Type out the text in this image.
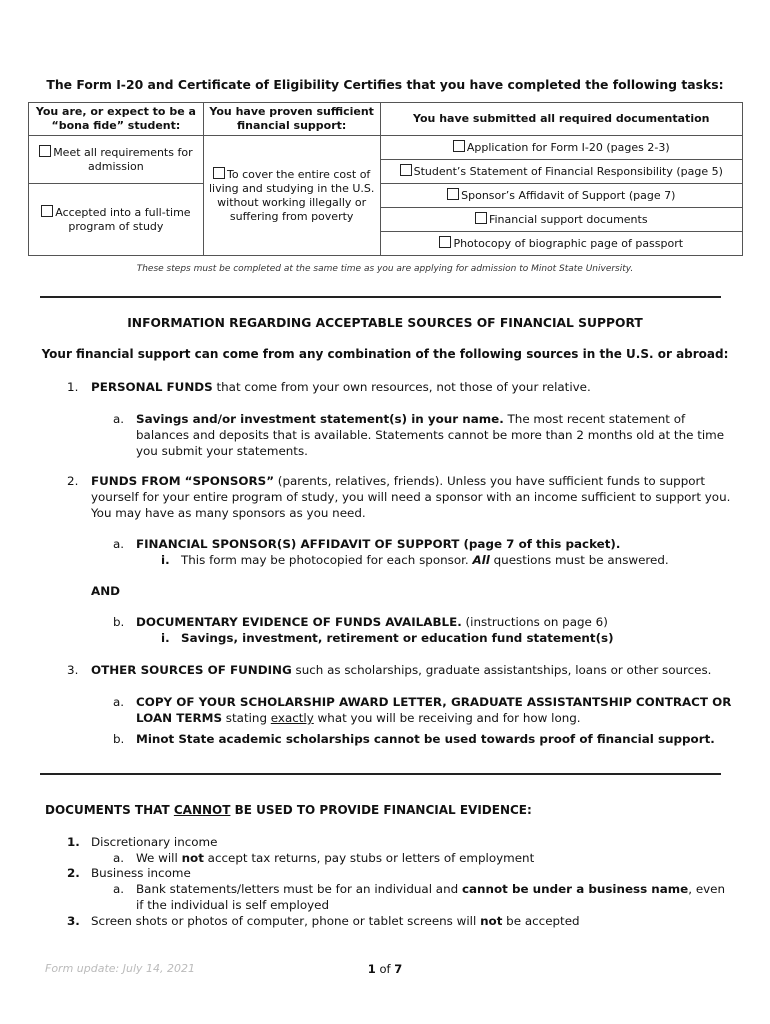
The Form I-20 and Certificate of Eligibility Certifies that you have completed the following tasks:
You are, or expect to be a “bona fide” student:	You have proven sufficient financial support:	You have submitted all required documentation
Meet all requirements for admission	To cover the entire cost of living and studying in the U.S. without working illegally or suffering from poverty	Application for Form I-20 (pages 2-3)
		Student’s Statement of Financial Responsibility (page 5)
Accepted into a full-time program of study		Sponsor’s Affidavit of Support (page 7)
		Financial support documents
		Photocopy of biographic page of passport
These steps must be completed at the same time as you are applying for admission to Minot State University.
INFORMATION REGARDING ACCEPTABLE SOURCES OF FINANCIAL SUPPORT
Your financial support can come from any combination of the following sources in the U.S. or abroad:
1. PERSONAL FUNDS that come from your own resources, not those of your relative.
a. Savings and/or investment statement(s) in your name. The most recent statement of balances and deposits that is available. Statements cannot be more than 2 months old at the time you submit your statements.
2. FUNDS FROM “SPONSORS” (parents, relatives, friends). Unless you have sufficient funds to support yourself for your entire program of study, you will need a sponsor with an income sufficient to support you. You may have as many sponsors as you need.
a. FINANCIAL SPONSOR(S) AFFIDAVIT OF SUPPORT (page 7 of this packet).
i. This form may be photocopied for each sponsor. All questions must be answered.
AND
b. DOCUMENTARY EVIDENCE OF FUNDS AVAILABLE. (instructions on page 6)
i. Savings, investment, retirement or education fund statement(s)
3. OTHER SOURCES OF FUNDING such as scholarships, graduate assistantships, loans or other sources.
a. COPY OF YOUR SCHOLARSHIP AWARD LETTER, GRADUATE ASSISTANTSHIP CONTRACT OR LOAN TERMS stating exactly what you will be receiving and for how long.
b. Minot State academic scholarships cannot be used towards proof of financial support.
DOCUMENTS THAT CANNOT BE USED TO PROVIDE FINANCIAL EVIDENCE:
1. Discretionary income
a. We will not accept tax returns, pay stubs or letters of employment
2. Business income
a. Bank statements/letters must be for an individual and cannot be under a business name, even if the individual is self employed
3. Screen shots or photos of computer, phone or tablet screens will not be accepted
Form update: July 14, 2021	1 of 7
